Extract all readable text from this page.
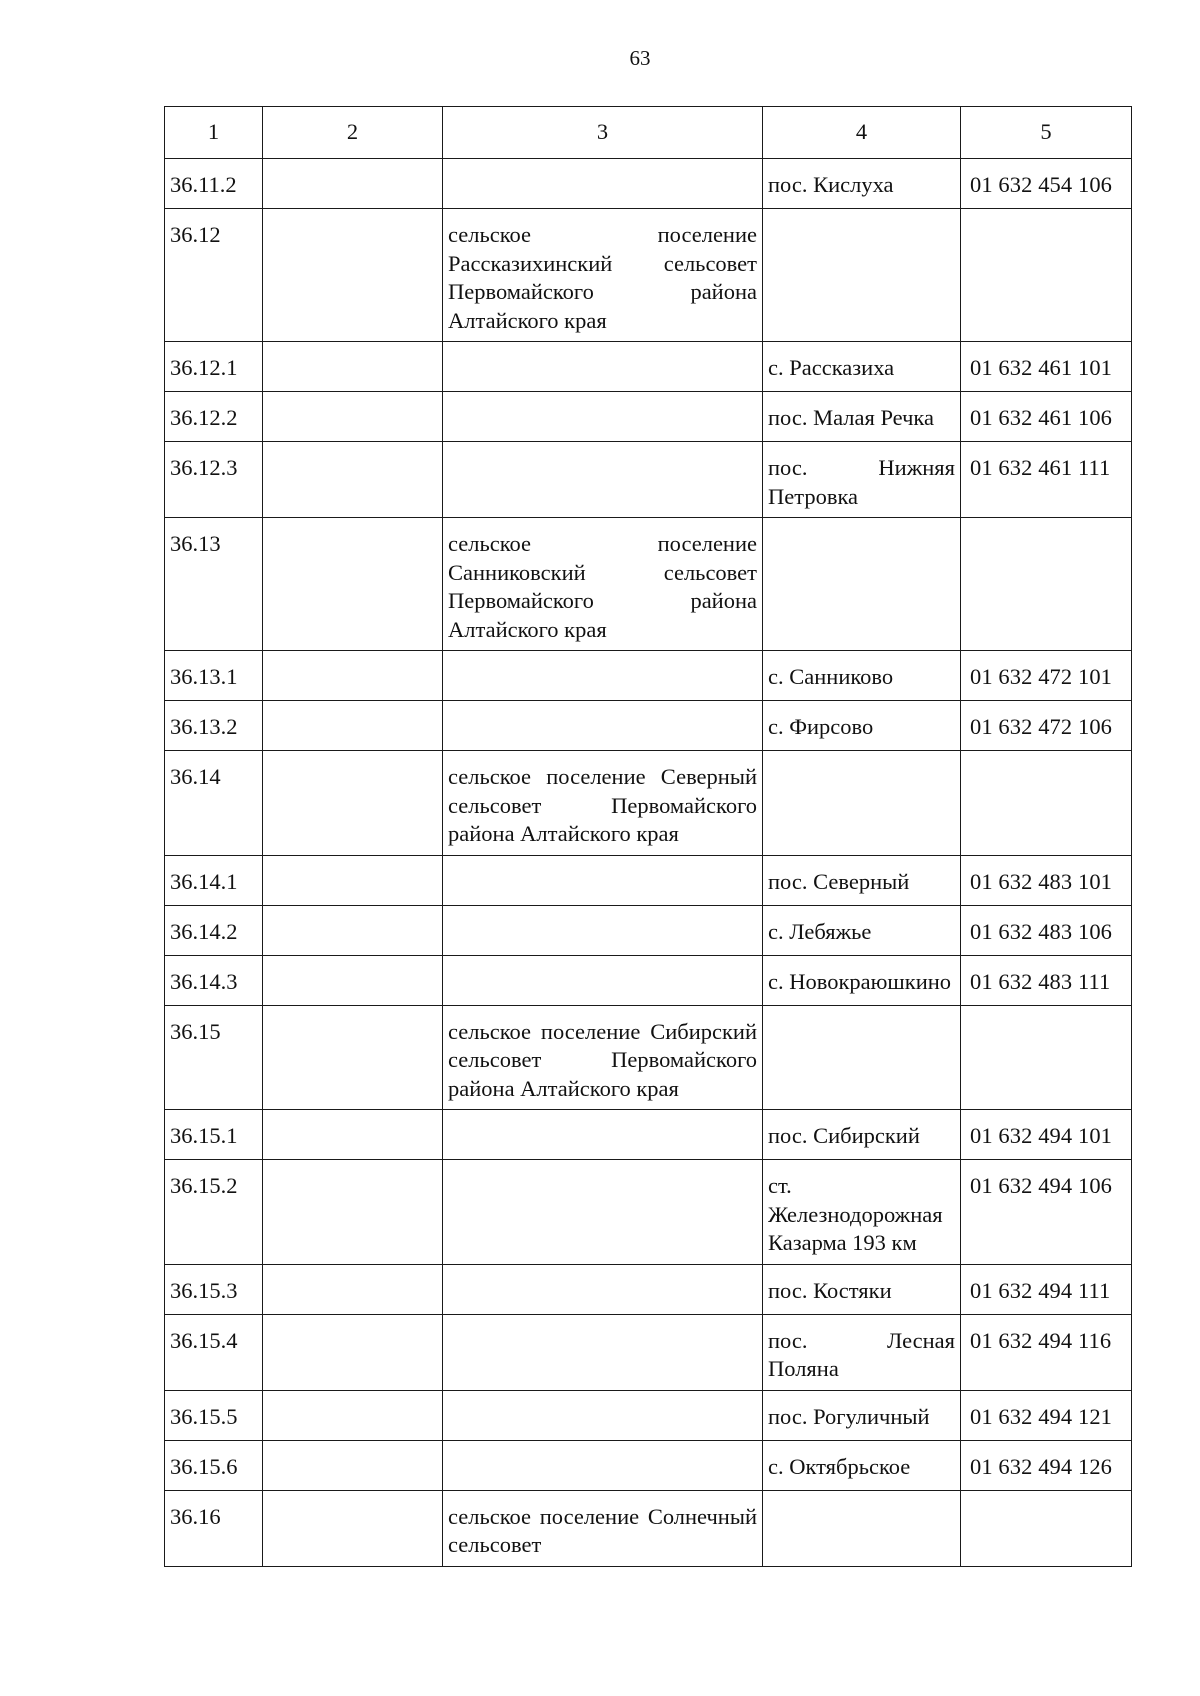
63
1	2	3	4	5
36.11.2			пос. Кислуха	01 632 454 106
36.12		сельское поселение Рассказихинский сельсовет Первомайского района Алтайского края		
36.12.1			с. Рассказиха	01 632 461 101
36.12.2			пос. Малая Речка	01 632 461 106
36.12.3			пос. Нижняя Петровка	01 632 461 111
36.13		сельское поселение Санниковский сельсовет Первомайского района Алтайского края		
36.13.1			с. Санниково	01 632 472 101
36.13.2			с. Фирсово	01 632 472 106
36.14		сельское поселение Северный сельсовет Первомайского района Алтайского края		
36.14.1			пос. Северный	01 632 483 101
36.14.2			с. Лебяжье	01 632 483 106
36.14.3			с. Новокраюшкино	01 632 483 111
36.15		сельское поселение Сибирский сельсовет Первомайского района Алтайского края		
36.15.1			пос. Сибирский	01 632 494 101
36.15.2			ст. Железнодорожная Казарма 193 км	01 632 494 106
36.15.3			пос. Костяки	01 632 494 111
36.15.4			пос. Лесная Поляна	01 632 494 116
36.15.5			пос. Рогуличный	01 632 494 121
36.15.6			с. Октябрьское	01 632 494 126
36.16		сельское поселение Солнечный сельсовет		
